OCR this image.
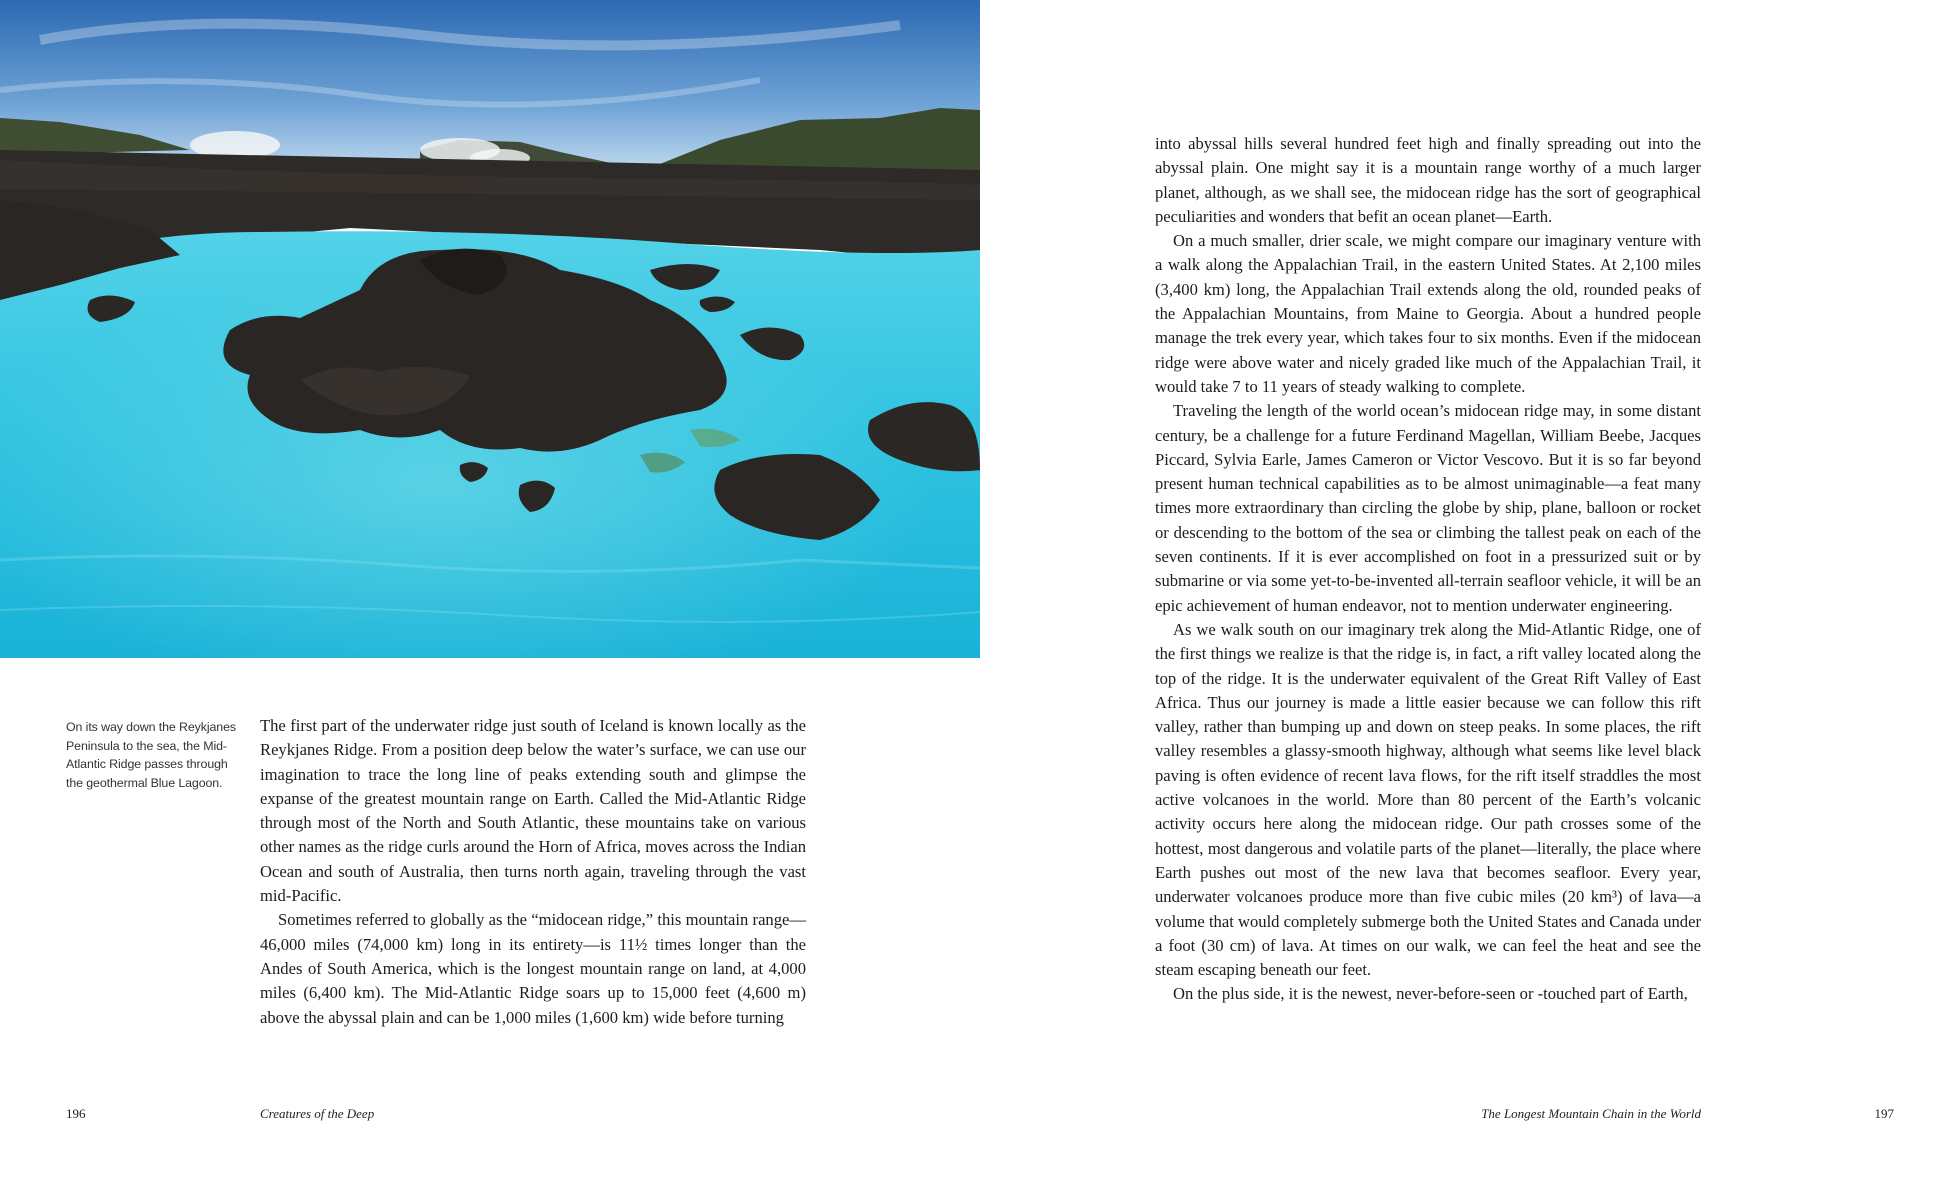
On its way down the Reykjanes Peninsula to the sea, the Mid-Atlantic Ridge passes through the geothermal Blue Lagoon.

The first part of the underwater ridge just south of Iceland is known locally as the Reykjanes Ridge. From a position deep below the water’s surface, we can use our imagination to trace the long line of peaks extending south and glimpse the expanse of the greatest mountain range on Earth. Called the Mid-Atlantic Ridge through most of the North and South Atlantic, these mountains take on various other names as the ridge curls around the Horn of Africa, moves across the Indian Ocean and south of Australia, then turns north again, traveling through the vast mid-Pacific.

Sometimes referred to globally as the “midocean ridge,” this mountain range—46,000 miles (74,000 km) long in its entirety—is 11½ times longer than the Andes of South America, which is the longest mountain range on land, at 4,000 miles (6,400 km). The Mid-Atlantic Ridge soars up to 15,000 feet (4,600 m) above the abyssal plain and can be 1,000 miles (1,600 km) wide before turning

into abyssal hills several hundred feet high and finally spreading out into the abyssal plain. One might say it is a mountain range worthy of a much larger planet, although, as we shall see, the midocean ridge has the sort of geographical peculiarities and wonders that befit an ocean planet—Earth.

On a much smaller, drier scale, we might compare our imaginary venture with a walk along the Appalachian Trail, in the eastern United States. At 2,100 miles (3,400 km) long, the Appalachian Trail extends along the old, rounded peaks of the Appalachian Mountains, from Maine to Georgia. About a hundred people manage the trek every year, which takes four to six months. Even if the midocean ridge were above water and nicely graded like much of the Appalachian Trail, it would take 7 to 11 years of steady walking to complete.

Traveling the length of the world ocean’s midocean ridge may, in some distant century, be a challenge for a future Ferdinand Magellan, William Beebe, Jacques Piccard, Sylvia Earle, James Cameron or Victor Vescovo. But it is so far beyond present human technical capabilities as to be almost unimaginable—a feat many times more extraordinary than circling the globe by ship, plane, balloon or rocket or descending to the bottom of the sea or climbing the tallest peak on each of the seven continents. If it is ever accomplished on foot in a pressurized suit or by submarine or via some yet-to-be-invented all-terrain seafloor vehicle, it will be an epic achievement of human endeavor, not to mention underwater engineering.

As we walk south on our imaginary trek along the Mid-Atlantic Ridge, one of the first things we realize is that the ridge is, in fact, a rift valley located along the top of the ridge. It is the underwater equivalent of the Great Rift Valley of East Africa. Thus our journey is made a little easier because we can follow this rift valley, rather than bumping up and down on steep peaks. In some places, the rift valley resembles a glassy-smooth highway, although what seems like level black paving is often evidence of recent lava flows, for the rift itself straddles the most active volcanoes in the world. More than 80 percent of the Earth’s volcanic activity occurs here along the midocean ridge. Our path crosses some of the hottest, most dangerous and volatile parts of the planet—literally, the place where Earth pushes out most of the new lava that becomes seafloor. Every year, underwater volcanoes produce more than five cubic miles (20 km³) of lava—a volume that would completely submerge both the United States and Canada under a foot (30 cm) of lava. At times on our walk, we can feel the heat and see the steam escaping beneath our feet.

On the plus side, it is the newest, never-before-seen or -touched part of Earth,

196	Creatures of the Deep	The Longest Mountain Chain in the World	197
